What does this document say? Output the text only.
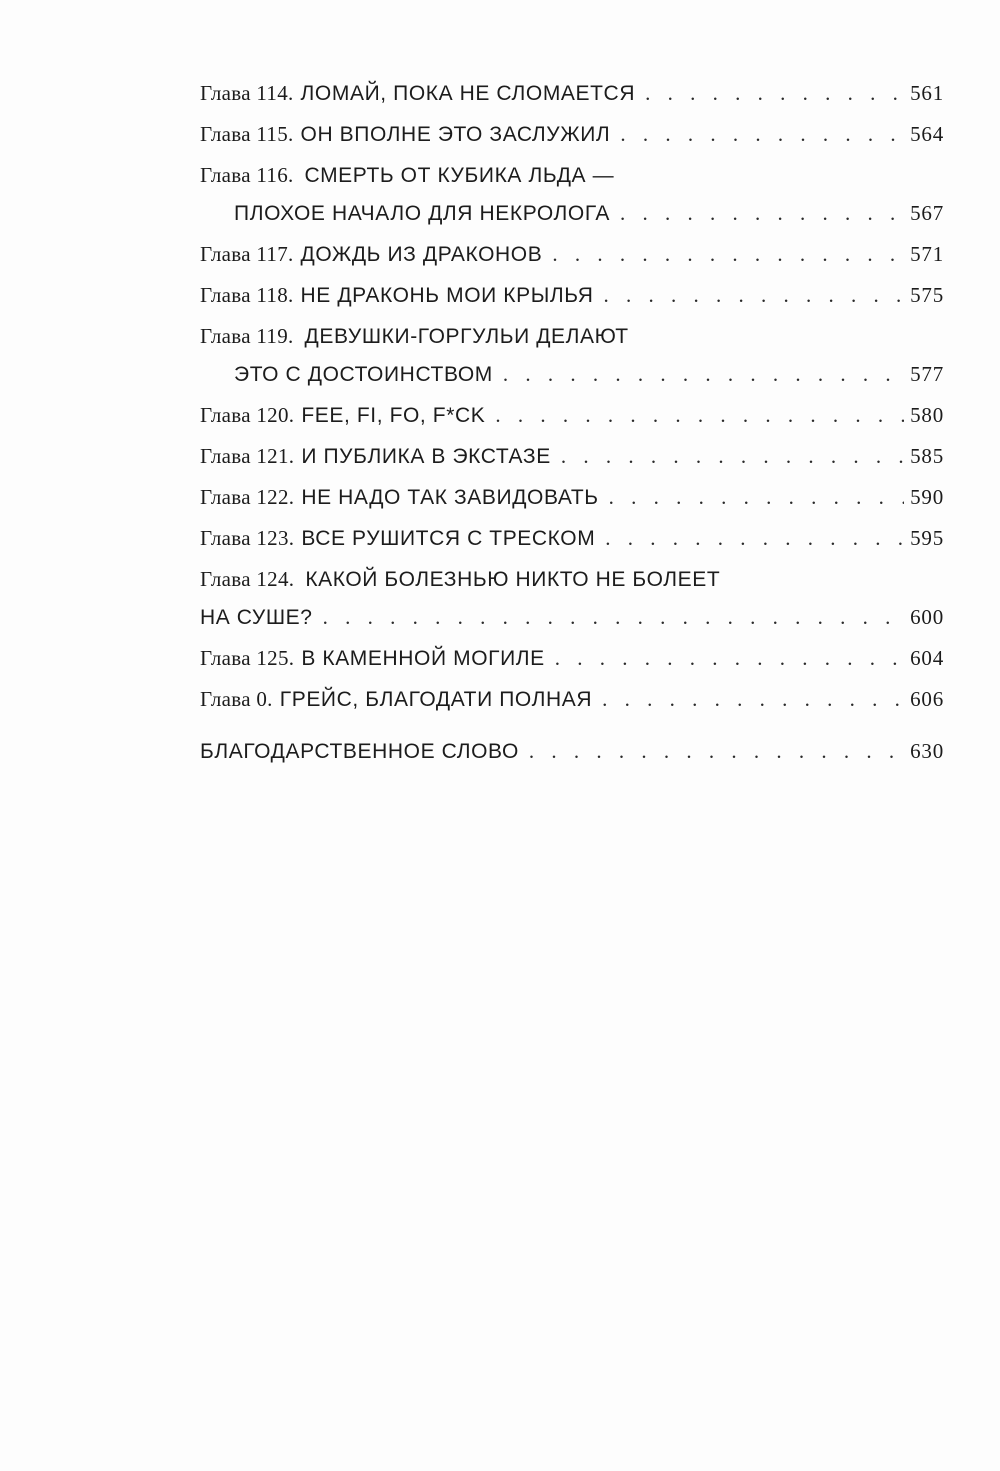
Глава 114. ЛОМАЙ, ПОКА НЕ СЛОМАЕТСЯ . . .	561
Глава 115. ОН ВПОЛНЕ ЭТО ЗАСЛУЖИЛ . . .	564
Глава 116. СМЕРТЬ ОТ КУБИКА ЛЬДА —
ПЛОХОЕ НАЧАЛО ДЛЯ НЕКРОЛОГА . . .	567
Глава 117. ДОЖДЬ ИЗ ДРАКОНОВ . . .	571
Глава 118. НЕ ДРАКОНЬ МОИ КРЫЛЬЯ . . .	575
Глава 119. ДЕВУШКИ-ГОРГУЛЬИ ДЕЛАЮТ
ЭТО С ДОСТОИНСТВОМ . . .	577
Глава 120. FEE, FI, FO, F*CK . . .	580
Глава 121. И ПУБЛИКА В ЭКСТАЗЕ . . .	585
Глава 122. НЕ НАДО ТАК ЗАВИДОВАТЬ . . .	590
Глава 123. ВСЕ РУШИТСЯ С ТРЕСКОМ . . .	595
Глава 124. КАКОЙ БОЛЕЗНЬЮ НИКТО НЕ БОЛЕЕТ
НА СУШЕ? . . .	600
Глава 125. В КАМЕННОЙ МОГИЛЕ . . .	604
Глава 0. ГРЕЙС, БЛАГОДАТИ ПОЛНАЯ . . .	606
БЛАГОДАРСТВЕННОЕ СЛОВО . . .	630
